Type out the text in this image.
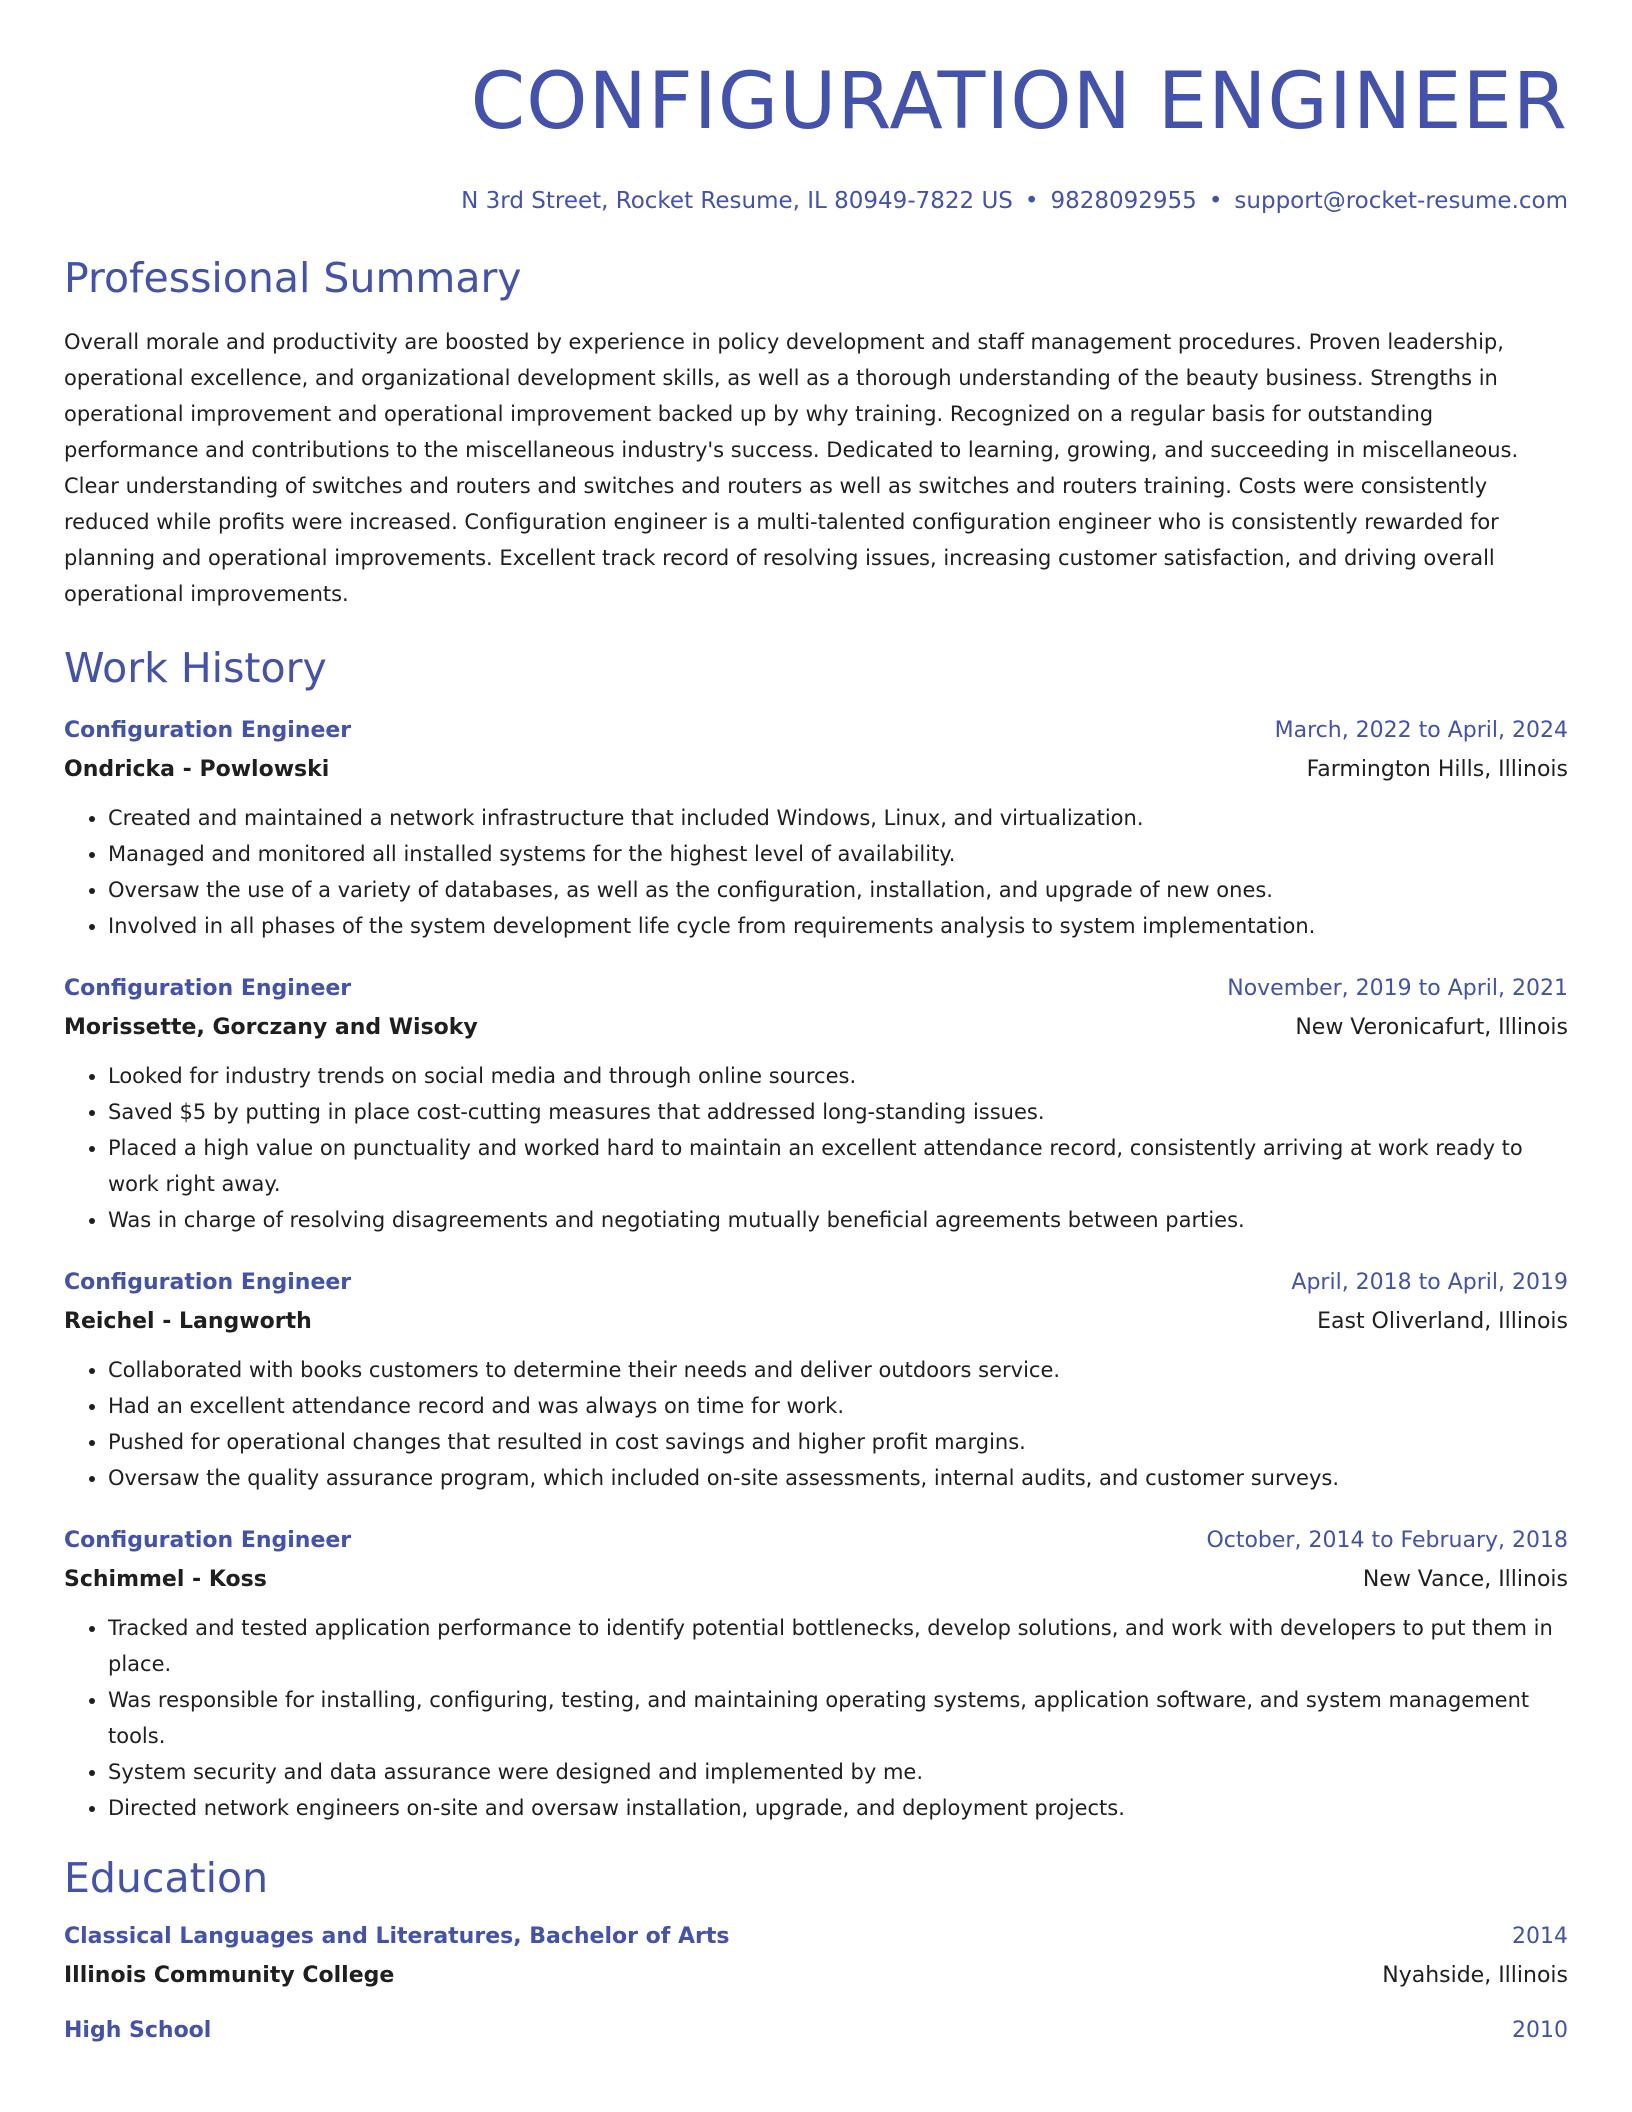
CONFIGURATION ENGINEER
N 3rd Street, Rocket Resume, IL 80949-7822 US • 9828092955 • support@rocket-resume.com
Professional Summary

Overall morale and productivity are boosted by experience in policy development and staff management procedures. Proven leadership, operational excellence, and organizational development skills, as well as a thorough understanding of the beauty business. Strengths in operational improvement and operational improvement backed up by why training. Recognized on a regular basis for outstanding performance and contributions to the miscellaneous industry's success. Dedicated to learning, growing, and succeeding in miscellaneous. Clear understanding of switches and routers and switches and routers as well as switches and routers training. Costs were consistently reduced while profits were increased. Configuration engineer is a multi-talented configuration engineer who is consistently rewarded for planning and operational improvements. Excellent track record of resolving issues, increasing customer satisfaction, and driving overall operational improvements.

Work History
Configuration Engineer	March, 2022 to April, 2024
Ondricka - Powlowski	Farmington Hills, Illinois
• Created and maintained a network infrastructure that included Windows, Linux, and virtualization.
• Managed and monitored all installed systems for the highest level of availability.
• Oversaw the use of a variety of databases, as well as the configuration, installation, and upgrade of new ones.
• Involved in all phases of the system development life cycle from requirements analysis to system implementation.
Configuration Engineer	November, 2019 to April, 2021
Morissette, Gorczany and Wisoky	New Veronicafurt, Illinois
• Looked for industry trends on social media and through online sources.
• Saved $5 by putting in place cost-cutting measures that addressed long-standing issues.
• Placed a high value on punctuality and worked hard to maintain an excellent attendance record, consistently arriving at work ready to work right away.
• Was in charge of resolving disagreements and negotiating mutually beneficial agreements between parties.
Configuration Engineer	April, 2018 to April, 2019
Reichel - Langworth	East Oliverland, Illinois
• Collaborated with books customers to determine their needs and deliver outdoors service.
• Had an excellent attendance record and was always on time for work.
• Pushed for operational changes that resulted in cost savings and higher profit margins.
• Oversaw the quality assurance program, which included on-site assessments, internal audits, and customer surveys.
Configuration Engineer	October, 2014 to February, 2018
Schimmel - Koss	New Vance, Illinois
• Tracked and tested application performance to identify potential bottlenecks, develop solutions, and work with developers to put them in place.
• Was responsible for installing, configuring, testing, and maintaining operating systems, application software, and system management tools.
• System security and data assurance were designed and implemented by me.
• Directed network engineers on-site and oversaw installation, upgrade, and deployment projects.
Education
Classical Languages and Literatures, Bachelor of Arts	2014
Illinois Community College	Nyahside, Illinois
High School	2010
